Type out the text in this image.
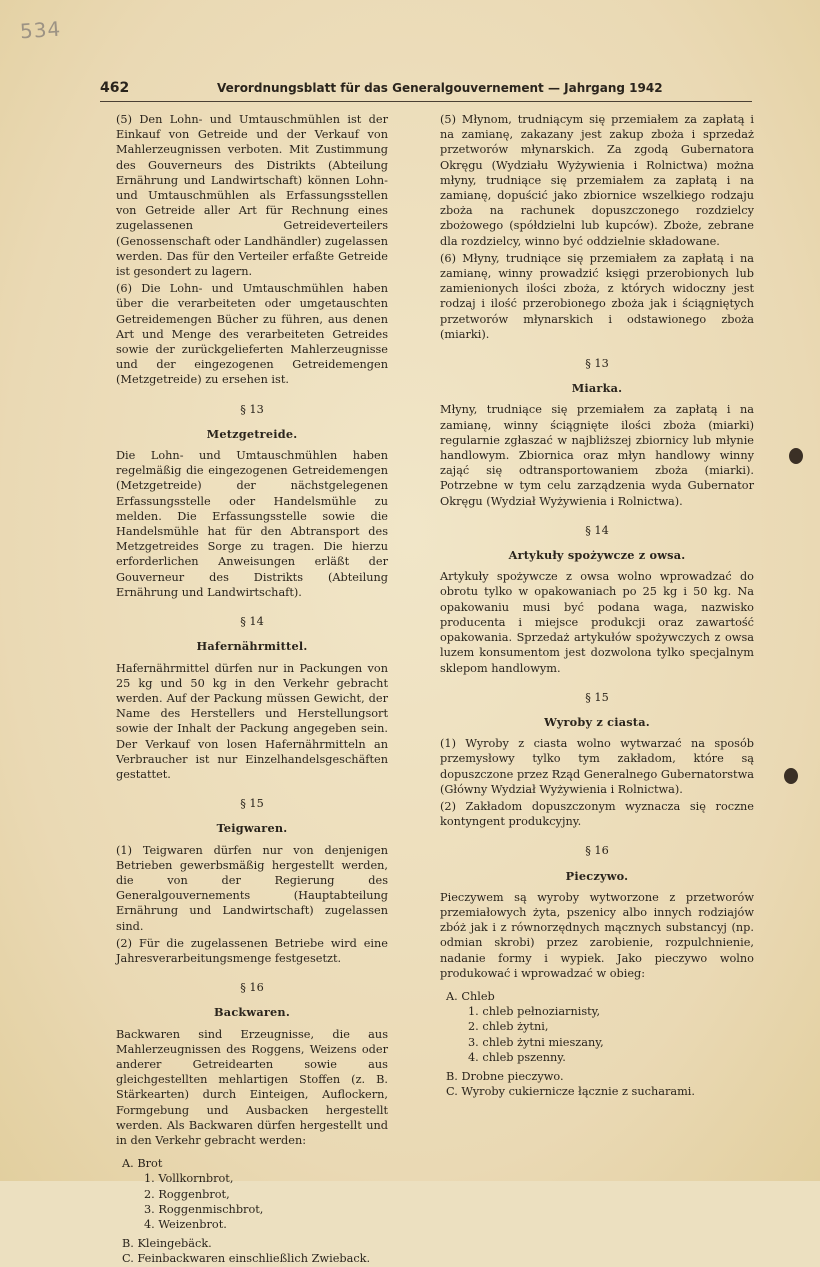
534
462	Verordnungsblatt für das Generalgouvernement — Jahrgang 1942

(5) Den Lohn- und Umtauschmühlen ist der Einkauf von Getreide und der Verkauf von Mahlerzeugnissen verboten. Mit Zustimmung des Gouverneurs des Distrikts (Abteilung Ernährung und Landwirtschaft) können Lohn- und Umtauschmühlen als Erfassungsstellen von Getreide aller Art für Rechnung eines zugelassenen Getreideverteilers (Genossenschaft oder Landhändler) zugelassen werden. Das für den Verteiler erfaßte Getreide ist gesondert zu lagern.

(6) Die Lohn- und Umtauschmühlen haben über die verarbeiteten oder umgetauschten Getreidemengen Bücher zu führen, aus denen Art und Menge des verarbeiteten Getreides sowie der zurückgelieferten Mahlerzeugnisse und der eingezogenen Getreidemengen (Metzgetreide) zu ersehen ist.

§ 13
Metzgetreide.

Die Lohn- und Umtauschmühlen haben regelmäßig die eingezogenen Getreidemengen (Metzgetreide) der nächstgelegenen Erfassungsstelle oder Handelsmühle zu melden. Die Erfassungsstelle sowie die Handelsmühle hat für den Abtransport des Metzgetreides Sorge zu tragen. Die hierzu erforderlichen Anweisungen erläßt der Gouverneur des Distrikts (Abteilung Ernährung und Landwirtschaft).

§ 14
Hafernährmittel.

Hafernährmittel dürfen nur in Packungen von 25 kg und 50 kg in den Verkehr gebracht werden. Auf der Packung müssen Gewicht, der Name des Herstellers und Herstellungsort sowie der Inhalt der Packung angegeben sein. Der Verkauf von losen Hafernährmitteln an Verbraucher ist nur Einzelhandelsgeschäften gestattet.

§ 15
Teigwaren.

(1) Teigwaren dürfen nur von denjenigen Betrieben gewerbsmäßig hergestellt werden, die von der Regierung des Generalgouvernements (Hauptabteilung Ernährung und Landwirtschaft) zugelassen sind.

(2) Für die zugelassenen Betriebe wird eine Jahresverarbeitungsmenge festgesetzt.

§ 16
Backwaren.

Backwaren sind Erzeugnisse, die aus Mahlerzeugnissen des Roggens, Weizens oder anderer Getreidearten sowie aus gleichgestellten mehlartigen Stoffen (z. B. Stärkearten) durch Einteigen, Auflockern, Formgebung und Ausbacken hergestellt werden. Als Backwaren dürfen hergestellt und in den Verkehr gebracht werden:

A. Brot
1. Vollkornbrot,
2. Roggenbrot,
3. Roggenmischbrot,
4. Weizenbrot.
B. Kleingebäck.
C. Feinbackwaren einschließlich Zwieback.

(5) Młynom, trudniącym się przemiałem za zapłatą i na zamianę, zakazany jest zakup zboża i sprzedaż przetworów młynarskich. Za zgodą Gubernatora Okręgu (Wydziału Wyżywienia i Rolnictwa) można młyny, trudniące się przemiałem za zapłatą i na zamianę, dopuścić jako zbiornice wszelkiego rodzaju zboża na rachunek dopuszczonego rozdzielcy zbożowego (spółdzielni lub kupców). Zboże, zebrane dla rozdzielcy, winno być oddzielnie składowane.

(6) Młyny, trudniące się przemiałem za zapłatą i na zamianę, winny prowadzić księgi przerobionych lub zamienionych ilości zboża, z których widoczny jest rodzaj i ilość przerobionego zboża jak i ściągniętych przetworów młynarskich i odstawionego zboża (miarki).

§ 13
Miarka.

Młyny, trudniące się przemiałem za zapłatą i na zamianę, winny ściągnięte ilości zboża (miarki) regularnie zgłaszać w najbliższej zbiornicy lub młynie handlowym. Zbiornica oraz młyn handlowy winny zająć się odtransportowaniem zboża (miarki). Potrzebne w tym celu zarządzenia wyda Gubernator Okręgu (Wydział Wyżywienia i Rolnictwa).

§ 14
Artykuły spożywcze z owsa.

Artykuły spożywcze z owsa wolno wprowadzać do obrotu tylko w opakowaniach po 25 kg i 50 kg. Na opakowaniu musi być podana waga, nazwisko producenta i miejsce produkcji oraz zawartość opakowania. Sprzedaż artykułów spożywczych z owsa luzem konsumentom jest dozwolona tylko specjalnym sklepom handlowym.

§ 15
Wyroby z ciasta.

(1) Wyroby z ciasta wolno wytwarzać na sposób przemysłowy tylko tym zakładom, które są dopuszczone przez Rząd Generalnego Gubernatorstwa (Główny Wydział Wyżywienia i Rolnictwa).

(2) Zakładom dopuszczonym wyznacza się roczne kontyngent produkcyjny.

§ 16
Pieczywo.

Pieczywem są wyroby wytworzone z przetworów przemiałowych żyta, pszenicy albo innych rodziajów zbóż jak i z równorzędnych mącznych substancyj (np. odmian skrobi) przez zarobienie, rozpulchnienie, nadanie formy i wypiek. Jako pieczywo wolno produkować i wprowadzać w obieg:

A. Chleb
1. chleb pełnoziarnisty,
2. chleb żytni,
3. chleb żytni mieszany,
4. chleb pszenny.
B. Drobne pieczywo.
C. Wyroby cukiernicze łącznie z sucharami.
